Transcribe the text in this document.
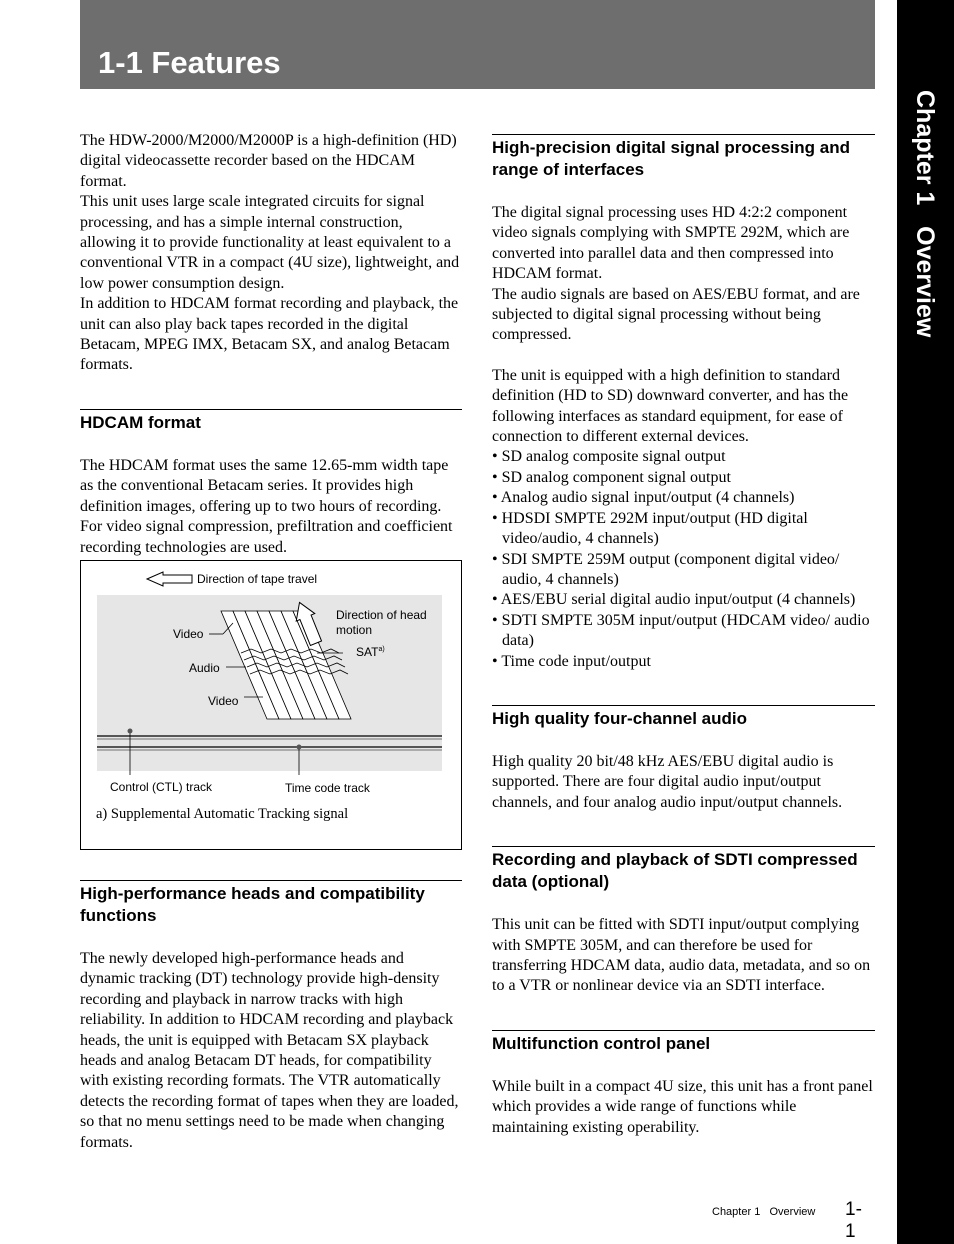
1-1 Features
Chapter 1   Overview

The HDW-2000/M2000/M2000P is a high-definition (HD) digital videocassette recorder based on the HDCAM format.

This unit uses large scale integrated circuits for signal processing, and has a simple internal construction, allowing it to provide functionality at least equivalent to a conventional VTR in a compact (4U size), lightweight, and low power consumption design.

In addition to HDCAM format recording and playback, the unit can also play back tapes recorded in the digital Betacam, MPEG IMX, Betacam SX, and analog Betacam formats.

HDCAM format

The HDCAM format uses the same 12.65-mm width tape as the conventional Betacam series. It provides high definition images, offering up to two hours of recording. For video signal compression, prefiltration and coefficient recording technologies are used.

Direction of tape travel
Direction of head motion
Video
Audio
Video
SAT$^{a)}$
Control (CTL) track	Time code track
a) Supplemental Automatic Tracking signal
High-performance heads and compatibility functions

The newly developed high-performance heads and dynamic tracking (DT) technology provide high-density recording and playback in narrow tracks with high reliability. In addition to HDCAM recording and playback heads, the unit is equipped with Betacam SX playback heads and analog Betacam DT heads, for compatibility with existing recording formats. The VTR automatically detects the recording format of tapes when they are loaded, so that no menu settings need to be made when changing formats.

High-precision digital signal processing and range of interfaces

The digital signal processing uses HD 4:2:2 component video signals complying with SMPTE 292M, which are converted into parallel data and then compressed into HDCAM format.

The audio signals are based on AES/EBU format, and are subjected to digital signal processing without being compressed.

The unit is equipped with a high definition to standard definition (HD to SD) downward converter, and has the following interfaces as standard equipment, for ease of connection to different external devices.

• SD analog composite signal output
• SD analog component signal output
• Analog audio signal input/output (4 channels)
• HDSDI SMPTE 292M input/output (HD digital video/audio, 4 channels)
• SDI SMPTE 259M output (component digital video/ audio, 4 channels)
• AES/EBU serial digital audio input/output (4 channels)
• SDTI SMPTE 305M input/output (HDCAM video/ audio data)
• Time code input/output
High quality four-channel audio

High quality 20 bit/48 kHz AES/EBU digital audio is supported. There are four digital audio input/output channels, and four analog audio input/output channels.

Recording and playback of SDTI compressed data (optional)

This unit can be fitted with SDTI input/output complying with SMPTE 305M, and can therefore be used for transferring HDCAM data, audio data, metadata, and so on to a VTR or nonlinear device via an SDTI interface.

Multifunction control panel

While built in a compact 4U size, this unit has a front panel which provides a wide range of functions while maintaining existing operability.

Chapter 1   Overview 1-1
